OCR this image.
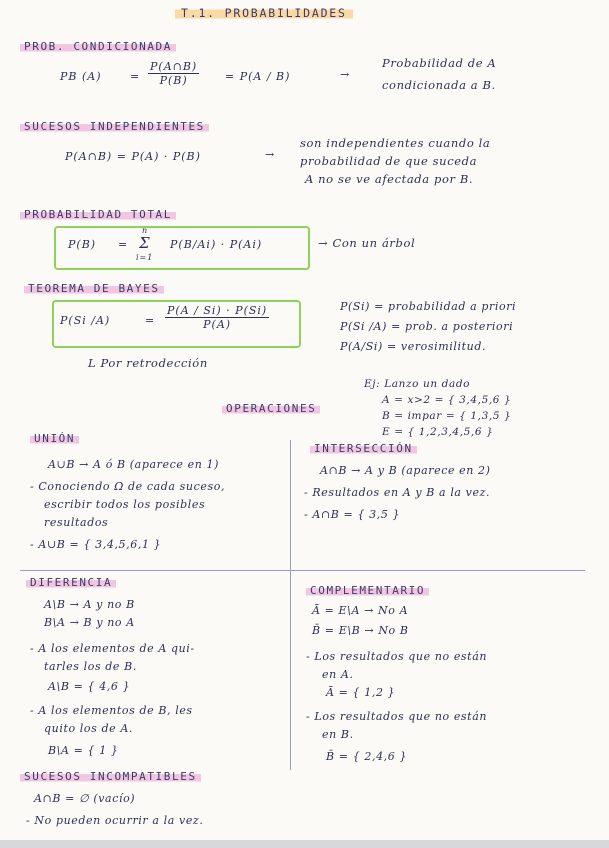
T.1. PROBABILIDADES
PROB. CONDICIONADA
PB (A)	= $\frac{P(A\cap B)}{P(B)} = P(A / B)$	→
Probabilidad de A
condicionada a B.
SUCESOS INDEPENDIENTES
P(A∩B) = P(A) · P(B)	→
son independientes cuando la
probabilidad de que suceda
A no se ve afectada por B.
PROBABILIDAD TOTAL
P(B) =
n
Σ
i=1
P(B/Ai) · P(Ai)	→ Con un árbol
TEOREMA DE BAYES
P(Si /A)	= $\frac{P(A / Si) \cdot P(Si)}{P(A)}$	P(Si) = probabilidad a priori
P(Si /A) = prob. a posteriori
P(A/Si) = verosimilitud.
L Por retrodección
Ej: Lanzo un dado
A = x>2 = { 3,4,5,6 }
B = impar = { 1,3,5 }
E = { 1,2,3,4,5,6 }
OPERACIONES
UNIÓN
A∪B → A ó B (aparece en 1)
- Conociendo Ω de cada suceso,
escribir todos los posibles
resultados
- A∪B = { 3,4,5,6,1 }
INTERSECCIÓN
A∩B → A y B (aparece en 2)
- Resultados en A y B a la vez.
- A∩B = { 3,5 }
DIFERENCIA
A\B → A y no B
B\A → B y no A
- A los elementos de A qui-
tarles los de B.
A\B = { 4,6 }
- A los elementos de B, les
quito los de A.
B\A = { 1 }
COMPLEMENTARIO
Ā = E\A → No A
B̄ = E\B → No B
- Los resultados que no están
en A.
Ā = { 1,2 }
- Los resultados que no están
en B.
B̄ = { 2,4,6 }
SUCESOS INCOMPATIBLES
A∩B = ∅ (vacío)
- No pueden ocurrir a la vez.
